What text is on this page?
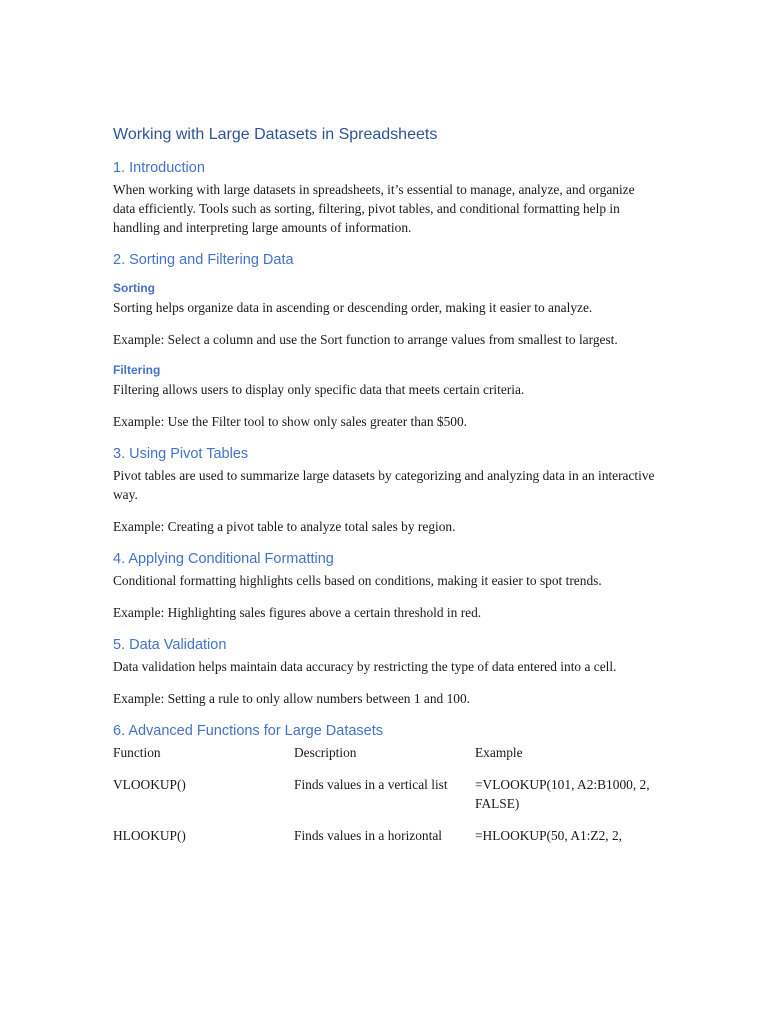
Working with Large Datasets in Spreadsheets
1. Introduction
When working with large datasets in spreadsheets, it’s essential to manage, analyze, and organize data efficiently. Tools such as sorting, filtering, pivot tables, and conditional formatting help in handling and interpreting large amounts of information.
2. Sorting and Filtering Data
Sorting
Sorting helps organize data in ascending or descending order, making it easier to analyze.
Example: Select a column and use the Sort function to arrange values from smallest to largest.
Filtering
Filtering allows users to display only specific data that meets certain criteria.
Example: Use the Filter tool to show only sales greater than $500.
3. Using Pivot Tables
Pivot tables are used to summarize large datasets by categorizing and analyzing data in an interactive way.
Example: Creating a pivot table to analyze total sales by region.
4. Applying Conditional Formatting
Conditional formatting highlights cells based on conditions, making it easier to spot trends.
Example: Highlighting sales figures above a certain threshold in red.
5. Data Validation
Data validation helps maintain data accuracy by restricting the type of data entered into a cell.
Example: Setting a rule to only allow numbers between 1 and 100.
6. Advanced Functions for Large Datasets
Function	Description	Example
VLOOKUP()	Finds values in a vertical list	=VLOOKUP(101, A2:B1000, 2, FALSE)
HLOOKUP()	Finds values in a horizontal	=HLOOKUP(50, A1:Z2, 2,
